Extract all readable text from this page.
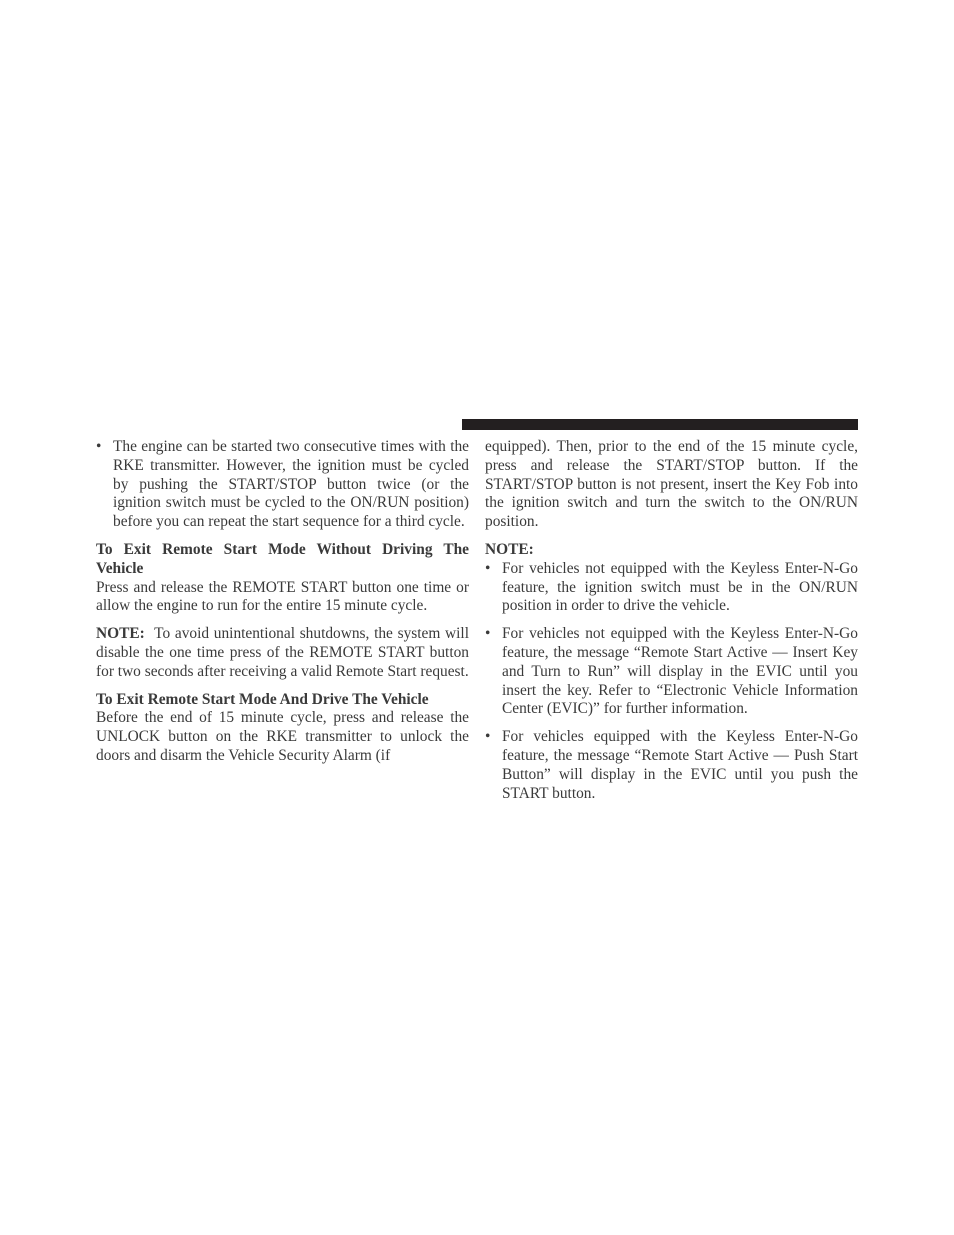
• The engine can be started two consecutive times with the RKE transmitter. However, the ignition must be cycled by pushing the START/STOP button twice (or the ignition switch must be cycled to the ON/RUN position) before you can repeat the start sequence for a third cycle.

To Exit Remote Start Mode Without Driving The Vehicle

Press and release the REMOTE START button one time or allow the engine to run for the entire 15 minute cycle.

NOTE: To avoid unintentional shutdowns, the system will disable the one time press of the REMOTE START button for two seconds after receiving a valid Remote Start request.

To Exit Remote Start Mode And Drive The Vehicle

Before the end of 15 minute cycle, press and release the UNLOCK button on the RKE transmitter to unlock the doors and disarm the Vehicle Security Alarm (if

equipped). Then, prior to the end of the 15 minute cycle, press and release the START/STOP button. If the START/STOP button is not present, insert the Key Fob into the ignition switch and turn the switch to the ON/RUN position.

NOTE:

• For vehicles not equipped with the Keyless Enter-N-Go feature, the ignition switch must be in the ON/RUN position in order to drive the vehicle.

• For vehicles not equipped with the Keyless Enter-N-Go feature, the message “Remote Start Active — Insert Key and Turn to Run” will display in the EVIC until you insert the key. Refer to “Electronic Vehicle Information Center (EVIC)” for further information.

• For vehicles equipped with the Keyless Enter-N-Go feature, the message “Remote Start Active — Push Start Button” will display in the EVIC until you push the START button.
